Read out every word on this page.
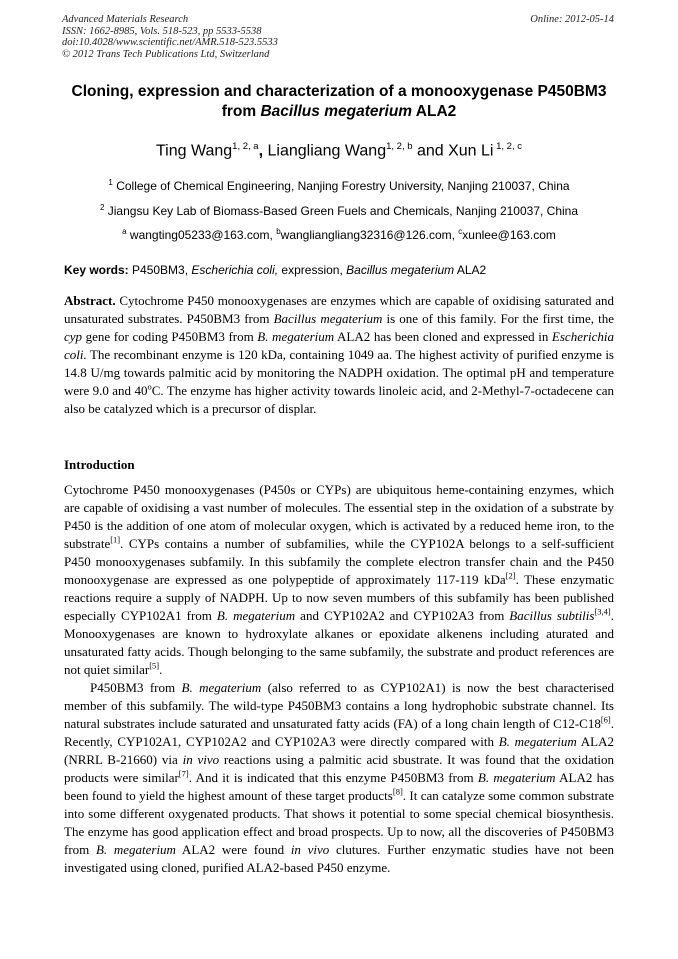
Advanced Materials Research
ISSN: 1662-8985, Vols. 518-523, pp 5533-5538
doi:10.4028/www.scientific.net/AMR.518-523.5533
© 2012 Trans Tech Publications Ltd, Switzerland
Online: 2012-05-14
Cloning, expression and characterization of a monooxygenase P450BM3
from Bacillus megaterium ALA2
Ting Wang$^{1, 2, a}$, Liangliang Wang$^{1, 2, b}$ and Xun Li $^{1, 2, c}$
$^1$ College of Chemical Engineering, Nanjing Forestry University, Nanjing 210037, China
$^2$ Jiangsu Key Lab of Biomass-Based Green Fuels and Chemicals, Nanjing 210037, China
$^a$ wangting05233@163.com, $^b$wangliangliang32316@126.com, $^c$xunlee@163.com
Key words: P450BM3, Escherichia coli, expression, Bacillus megaterium ALA2

Abstract. Cytochrome P450 monooxygenases are enzymes which are capable of oxidising saturated and unsaturated substrates. P450BM3 from Bacillus megaterium is one of this family. For the first time, the cyp gene for coding P450BM3 from B. megaterium ALA2 has been cloned and expressed in Escherichia coli. The recombinant enzyme is 120 kDa, containing 1049 aa. The highest activity of purified enzyme is 14.8 U/mg towards palmitic acid by monitoring the NADPH oxidation. The optimal pH and temperature were 9.0 and 40$^o$C. The enzyme has higher activity towards linoleic acid, and 2-Methyl-7-octadecene can also be catalyzed which is a precursor of displar.

Introduction

Cytochrome P450 monooxygenases (P450s or CYPs) are ubiquitous heme-containing enzymes, which are capable of oxidising a vast number of molecules. The essential step in the oxidation of a substrate by P450 is the addition of one atom of molecular oxygen, which is activated by a reduced heme iron, to the substrate[1]. CYPs contains a number of subfamilies, while the CYP102A belongs to a self-sufficient P450 monooxygenases subfamily. In this subfamily the complete electron transfer chain and the P450 monooxygenase are expressed as one polypeptide of approximately 117-119 kDa[2]. These enzymatic reactions require a supply of NADPH. Up to now seven mumbers of this subfamily has been published especially CYP102A1 from B. megaterium and CYP102A2 and CYP102A3 from Bacillus subtilis[3,4]. Monooxygenases are known to hydroxylate alkanes or epoxidate alkenens including aturated and unsaturated fatty acids. Though belonging to the same subfamily, the substrate and product references are not quiet similar[5].

P450BM3 from B. megaterium (also referred to as CYP102A1) is now the best characterised member of this subfamily. The wild-type P450BM3 contains a long hydrophobic substrate channel. Its natural substrates include saturated and unsaturated fatty acids (FA) of a long chain length of C12-C18[6]. Recently, CYP102A1, CYP102A2 and CYP102A3 were directly compared with B. megaterium ALA2 (NRRL B-21660) via in vivo reactions using a palmitic acid sbustrate. It was found that the oxidation products were similar[7]. And it is indicated that this enzyme P450BM3 from B. megaterium ALA2 has been found to yield the highest amount of these target products[8]. It can catalyze some common substrate into some different oxygenated products. That shows it potential to some special chemical biosynthesis. The enzyme has good application effect and broad prospects. Up to now, all the discoveries of P450BM3 from B. megaterium ALA2 were found in vivo clutures. Further enzymatic studies have not been investigated using cloned, purified ALA2-based P450 enzyme.
